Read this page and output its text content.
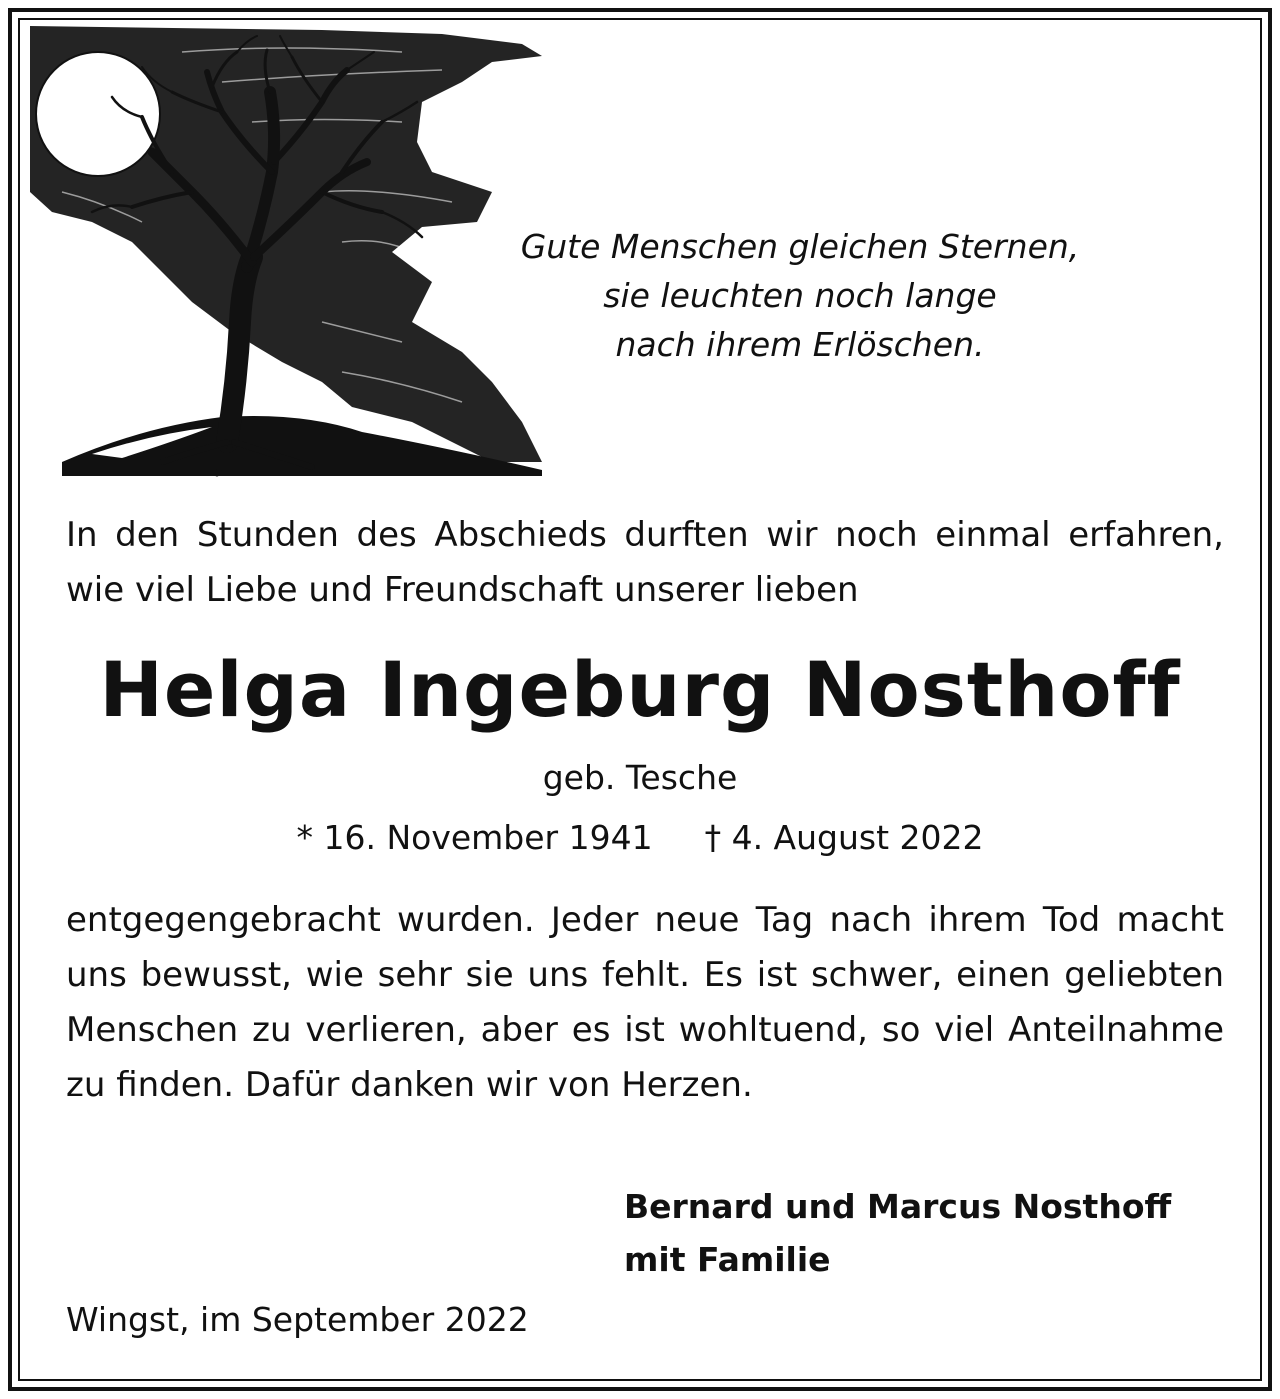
Gute Menschen gleichen Sternen,
sie leuchten noch lange
nach ihrem Erlöschen.
In den Stunden des Abschieds durften wir noch einmal erfahren, wie viel Liebe und Freundschaft unserer lieben
Helga Ingeburg Nosthoff
geb. Tesche
* 16. November 1941 † 4. August 2022
entgegengebracht wurden. Jeder neue Tag nach ihrem Tod macht uns bewusst, wie sehr sie uns fehlt. Es ist schwer, einen geliebten Menschen zu verlieren, aber es ist wohltuend, so viel Anteilnahme zu finden. Dafür danken wir von Herzen.
Bernard und Marcus Nosthoff
mit Familie
Wingst, im September 2022
